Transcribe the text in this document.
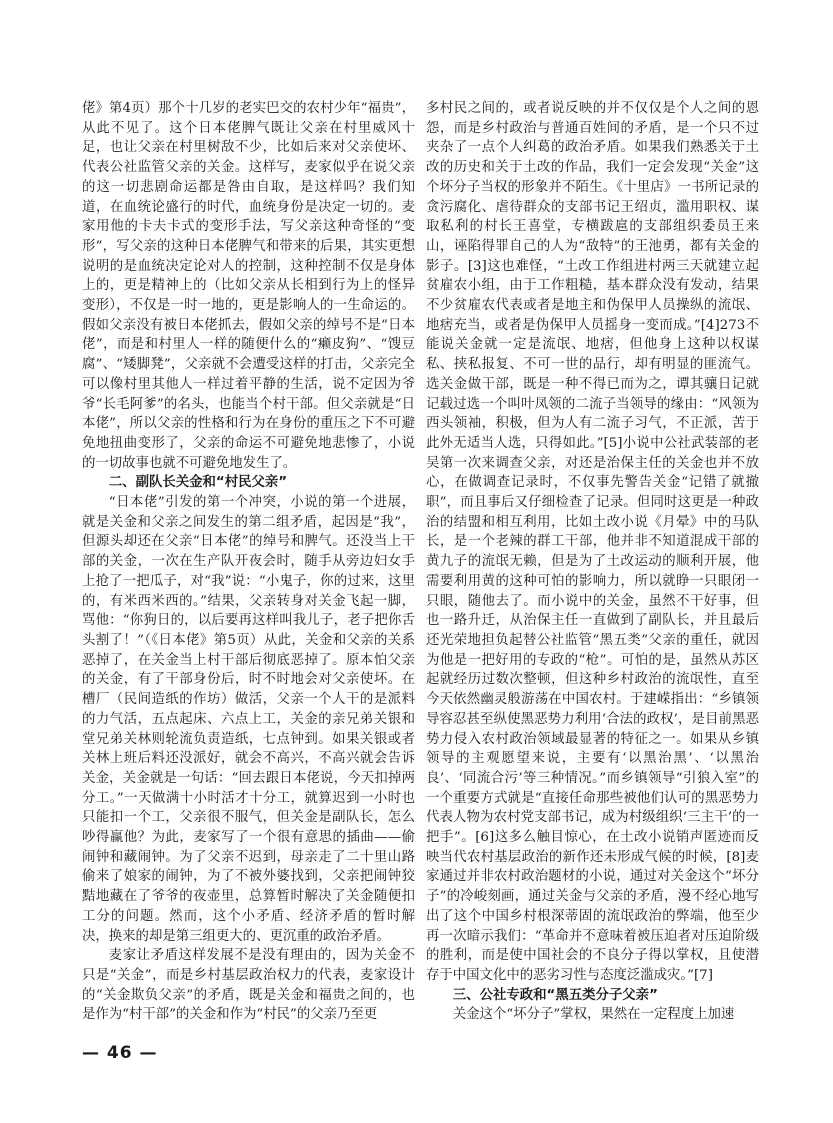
佬》第4页）那个十几岁的老实巴交的农村少年“福贵”，从此不见了。这个日本佬脾气既让父亲在村里威风十足，也让父亲在村里树敌不少，比如后来对父亲使坏、代表公社监管父亲的关金。这样写，麦家似乎在说父亲的这一切悲剧命运都是咎由自取，是这样吗？我们知道，在血统论盛行的时代，血统身份是决定一切的。麦家用他的卡夫卡式的变形手法，写父亲这种奇怪的“变形”，写父亲的这种日本佬脾气和带来的后果，其实更想说明的是血统决定论对人的控制，这种控制不仅是身体上的，更是精神上的（比如父亲从长相到行为上的怪异变形），不仅是一时一地的，更是影响人的一生命运的。假如父亲没有被日本佬抓去，假如父亲的绰号不是“日本佬”，而是和村里人一样的随便什么的“癞皮狗”、“馊豆腐”、“矮脚凳”，父亲就不会遭受这样的打击，父亲完全可以像村里其他人一样过着平静的生活，说不定因为爷爷“长毛阿爹”的名头，也能当个村干部。但父亲就是“日本佬”，所以父亲的性格和行为在身份的重压之下不可避免地扭曲变形了，父亲的命运不可避免地悲惨了，小说的一切故事也就不可避免地发生了。

二、副队长关金和“村民父亲”

“日本佬”引发的第一个冲突，小说的第一个进展，就是关金和父亲之间发生的第二组矛盾，起因是“我”，但源头却还在父亲“日本佬”的绰号和脾气。还没当上干部的关金，一次在生产队开夜会时，随手从旁边妇女手上抢了一把瓜子，对“我”说：“小鬼子，你的过来，这里的，有米西米西的。”结果，父亲转身对关金飞起一脚，骂他：“你狗日的，以后要再这样叫我儿子，老子把你舌头割了！”（《日本佬》第5页）从此，关金和父亲的关系恶掉了，在关金当上村干部后彻底恶掉了。原本怕父亲的关金，有了干部身份后，时不时地会对父亲使坏。在槽厂（民间造纸的作坊）做活，父亲一个人干的是派料的力气活，五点起床、六点上工，关金的亲兄弟关银和堂兄弟关林则轮流负责造纸，七点钟到。如果关银或者关林上班后料还没派好，就会不高兴，不高兴就会告诉关金，关金就是一句话：“回去跟日本佬说，今天扣掉两分工。”一天做满十小时活才十分工，就算迟到一小时也只能扣一个工，父亲很不服气，但关金是副队长，怎么吵得赢他？为此，麦家写了一个很有意思的插曲——偷闹钟和藏闹钟。为了父亲不迟到，母亲走了二十里山路偷来了娘家的闹钟，为了不被外婆找到，父亲把闹钟狡黠地藏在了爷爷的夜壶里，总算暂时解决了关金随便扣工分的问题。然而，这个小矛盾、经济矛盾的暂时解决，换来的却是第三组更大的、更沉重的政治矛盾。

麦家让矛盾这样发展不是没有理由的，因为关金不只是“关金”，而是乡村基层政治权力的代表，麦家设计的“关金欺负父亲”的矛盾，既是关金和福贵之间的，也是作为“村干部”的关金和作为“村民”的父亲乃至更

多村民之间的，或者说反映的并不仅仅是个人之间的恩怨，而是乡村政治与普通百姓间的矛盾，是一个只不过夹杂了一点个人纠葛的政治矛盾。如果我们熟悉关于土改的历史和关于土改的作品，我们一定会发现“关金”这个坏分子当权的形象并不陌生。《十里店》一书所记录的贪污腐化、虐待群众的支部书记王绍贞，滥用职权、谋取私利的村长王喜堂，专横跋扈的支部组织委员王来山，诬陷得罪自己的人为“敌特”的王池勇，都有关金的影子。[3]这也难怪，“土改工作组进村两三天就建立起贫雇农小组，由于工作粗糙，基本群众没有发动，结果不少贫雇农代表或者是地主和伪保甲人员操纵的流氓、地痞充当，或者是伪保甲人员摇身一变而成。”[4]273不能说关金就一定是流氓、地痞，但他身上这种以权谋私、挟私报复、不可一世的品行，却有明显的匪流气。选关金做干部，既是一种不得已而为之，谭其骧日记就记载过选一个叫叶凤领的二流子当领导的缘由：“风领为西头领袖，积极，但为人有二流子习气，不正派，苦于此外无适当人选，只得如此。”[5]小说中公社武装部的老吴第一次来调查父亲，对还是治保主任的关金也并不放心，在做调查记录时，不仅事先警告关金“记错了就撤职”，而且事后又仔细检查了记录。但同时这更是一种政治的结盟和相互利用，比如土改小说《月晕》中的马队长，是一个老辣的群工干部，他并非不知道混成干部的黄九子的流氓无赖，但是为了土改运动的顺利开展，他需要利用黄的这种可怕的影响力，所以就睁一只眼闭一只眼，随他去了。而小说中的关金，虽然不干好事，但也一路升迁，从治保主任一直做到了副队长，并且最后还光荣地担负起替公社监管“黑五类”父亲的重任，就因为他是一把好用的专政的“枪”。可怕的是，虽然从苏区起就经历过数次整顿，但这种乡村政治的流氓性，直至今天依然幽灵般游荡在中国农村。于建嵘指出：“乡镇领导容忍甚至纵使黑恶势力利用‘合法的政权’，是目前黑恶势力侵入农村政治领域最显著的特征之一。如果从乡镇领导的主观愿望来说，主要有‘以黑治黑’、‘以黑治良’、‘同流合污’等三种情况。”而乡镇领导“引狼入室”的一个重要方式就是“直接任命那些被他们认可的黑恶势力代表人物为农村党支部书记，成为村级组织‘三主干’的一把手”。[6]这多么触目惊心，在土改小说销声匿迹而反映当代农村基层政治的新作还未形成气候的时候，[8]麦家通过并非农村政治题材的小说，通过对关金这个“坏分子”的冷峻刻画，通过关金与父亲的矛盾，漫不经心地写出了这个中国乡村根深蒂固的流氓政治的弊端，他至少再一次暗示我们：“革命并不意味着被压迫者对压迫阶级的胜利，而是使中国社会的不良分子得以掌权，且使潜存于中国文化中的恶劣习性与态度泛滥成灾。”[7]

三、公社专政和“黑五类分子父亲”

关金这个“坏分子”掌权，果然在一定程度上加速

— 46 —
